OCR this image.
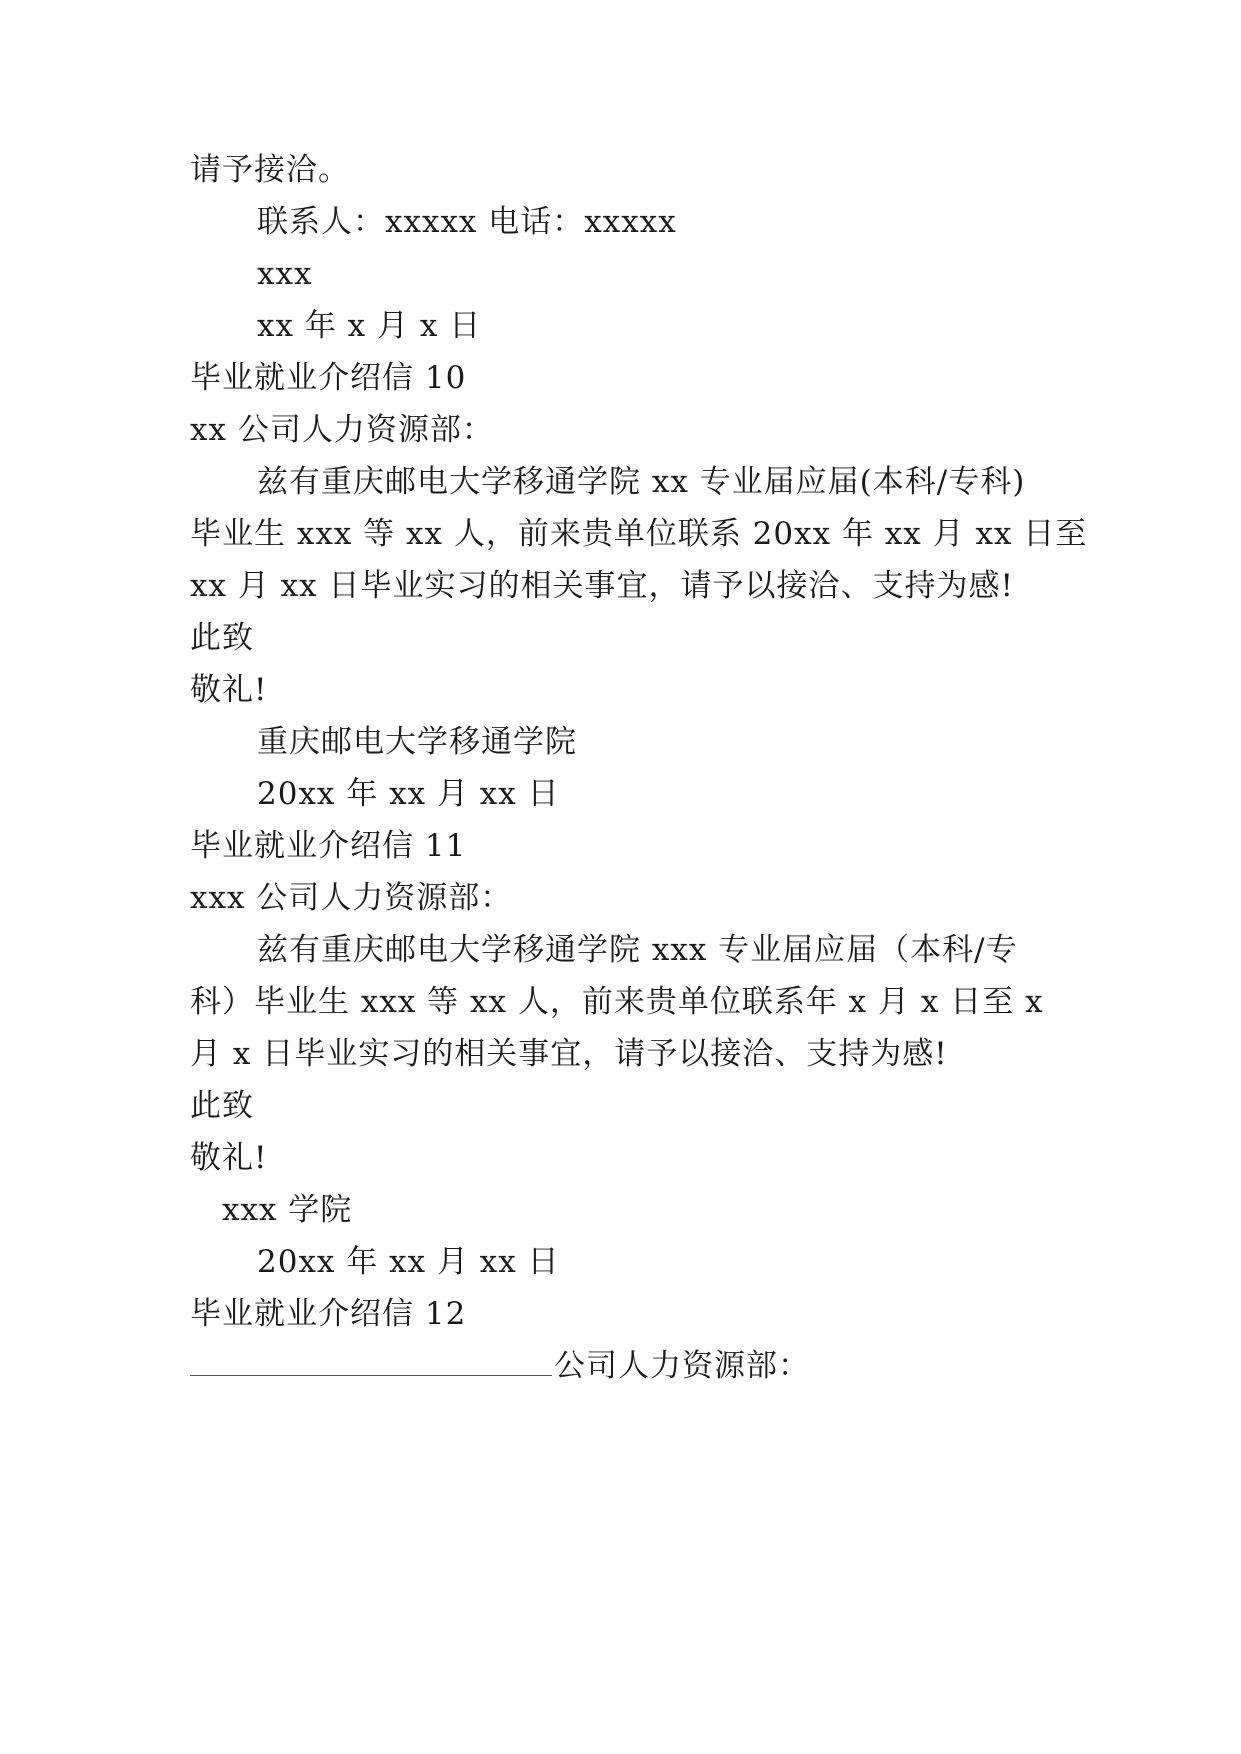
请予接洽。
联系人：xxxxx 电话：xxxxx
xxx
xx 年 x 月 x 日
毕业就业介绍信 10
xx 公司人力资源部：
兹有重庆邮电大学移通学院 xx 专业届应届(本科/专科)
毕业生 xxx 等 xx 人，前来贵单位联系 20xx 年 xx 月 xx 日至
xx 月 xx 日毕业实习的相关事宜，请予以接洽、支持为感!
此致
敬礼!
重庆邮电大学移通学院
20xx 年 xx 月 xx 日
毕业就业介绍信 11
xxx 公司人力资源部：
兹有重庆邮电大学移通学院 xxx 专业届应届（本科/专
科）毕业生 xxx 等 xx 人，前来贵单位联系年 x 月 x 日至 x
月 x 日毕业实习的相关事宜，请予以接洽、支持为感!
此致
敬礼!
xxx 学院
20xx 年 xx 月 xx 日
毕业就业介绍信 12
公司人力资源部：
